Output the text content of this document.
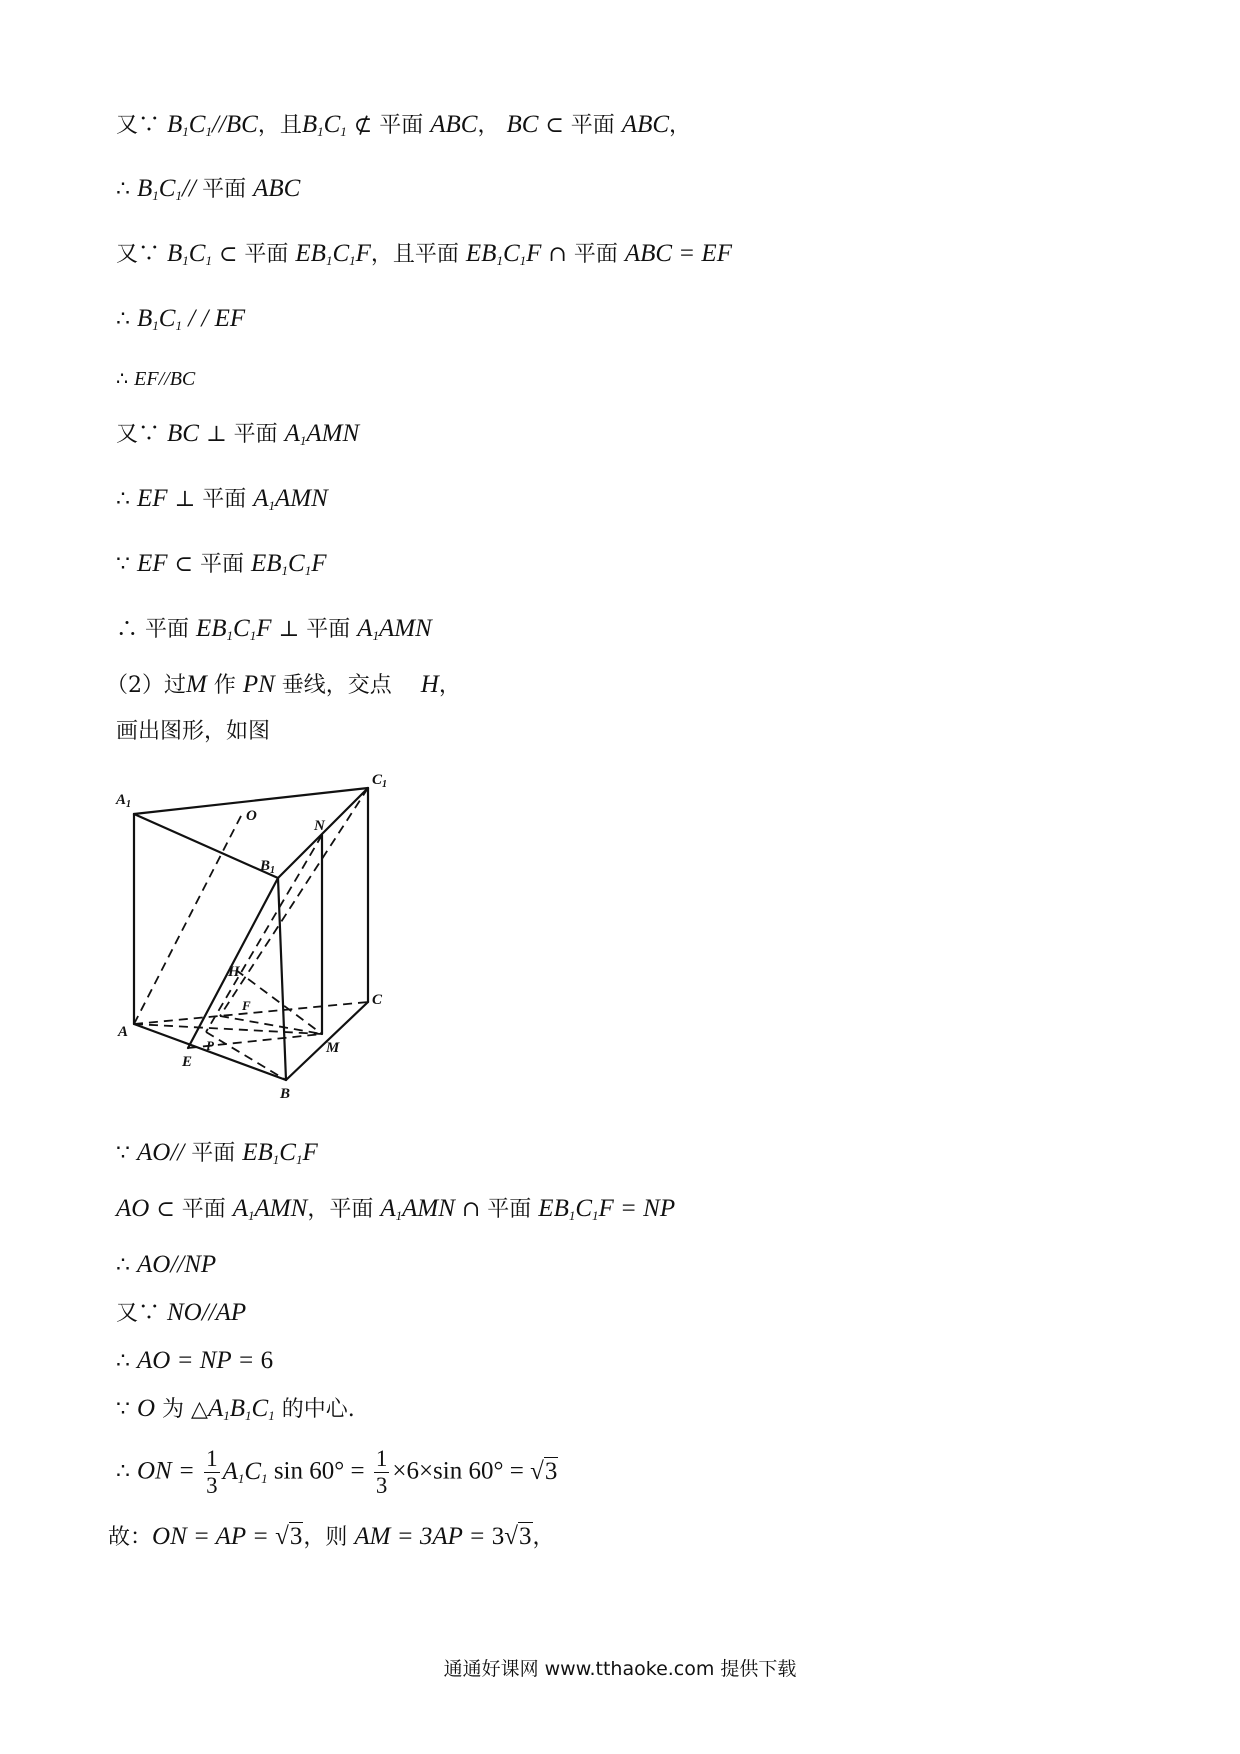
又∵ $B_1C_1//BC$，且$B_1C_1$ ⊄ 平面 ABC， BC ⊂ 平面 ABC，
∴ $B_1C_1//$ 平面 ABC
又∵ $B_1C_1$ ⊂ 平面 $EB_1C_1F$，且平面 $EB_1C_1F$ ∩ 平面 ABC = EF
∴ $B_1C_1$ / / EF
∴ EF//BC
又∵ BC ⊥ 平面 $A_1AMN$
∴ EF ⊥ 平面 $A_1AMN$
∵ EF ⊂ 平面 $EB_1C_1F$
∴ 平面 $EB_1C_1F$ ⊥ 平面 $A_1AMN$
（2）过M 作 PN 垂线，交点　 H，
画出图形，如图
$A_1$
$C_1$
$B_1$
O
N
H
F	C
A
P	M
E
B
∵ AO// 平面 $EB_1C_1F$
AO ⊂ 平面 $A_1AMN$，平面 $A_1AMN$ ∩ 平面 $EB_1C_1F$ = NP
∴ AO//NP
又∵ NO//AP
∴ AO = NP = 6
∵ O 为 $\triangle A_1B_1C_1$ 的中心.
∴ ON = $\frac{1}{3} A_1C_1$ $\sin 60^\circ = \frac{1}{3} \times 6\times\sin$ 60° = √3
故：ON = AP = √3，则 AM = 3AP = 3√3，
通通好课网 www.tthaoke.com 提供下载
